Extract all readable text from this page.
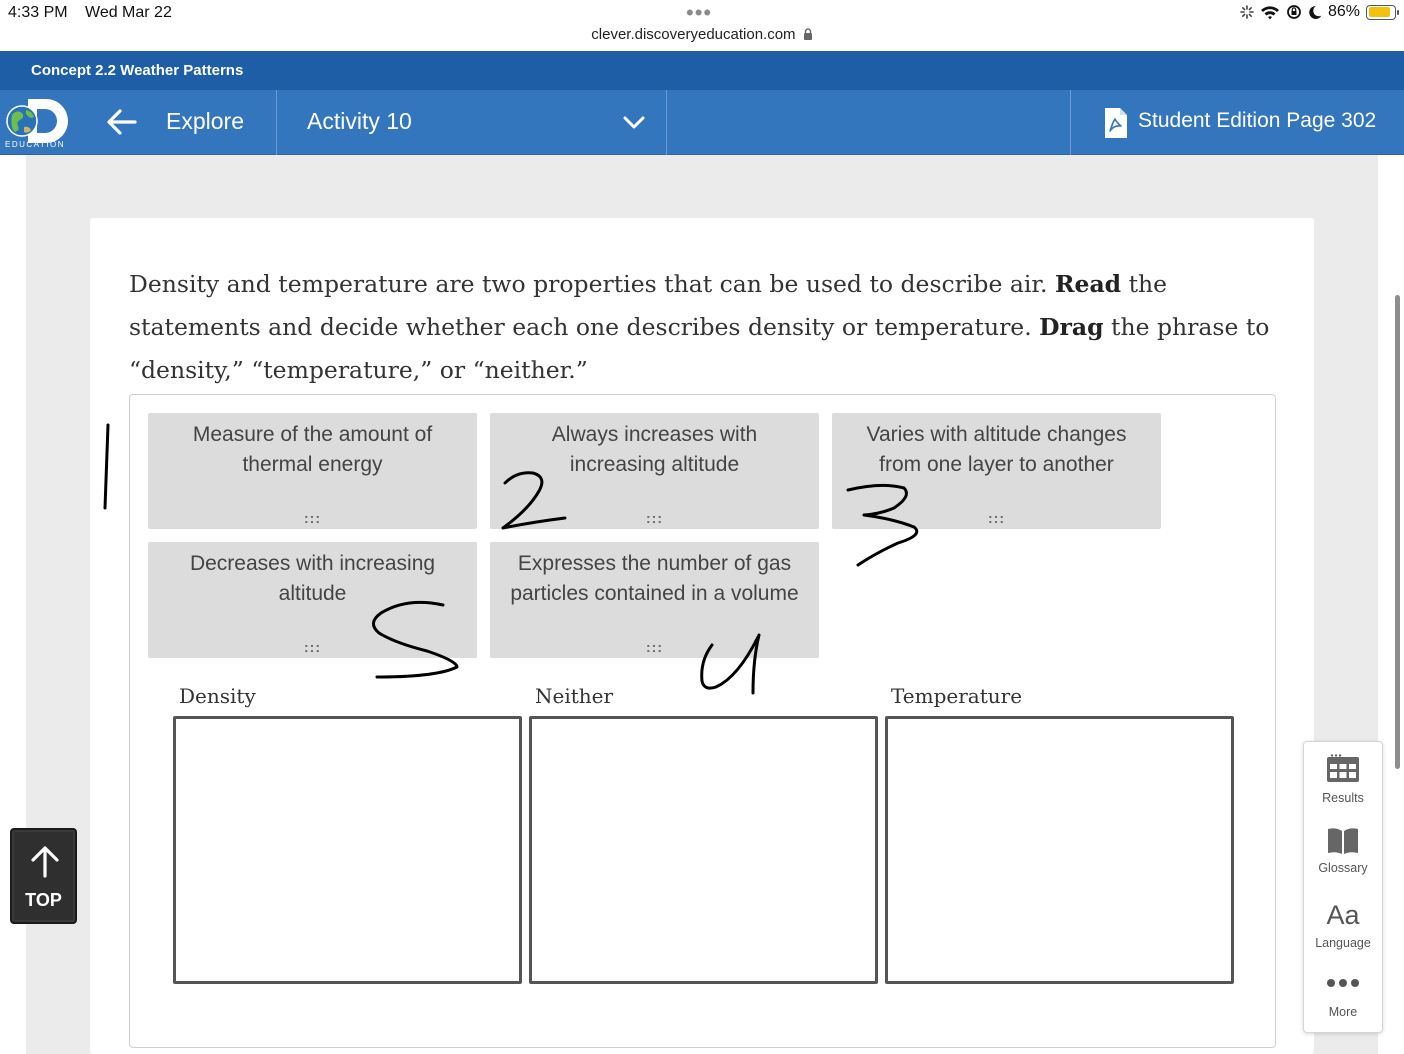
4:33 PM Wed Mar 22	•••
clever.discoveryeducation.com
86%
Concept 2.2 Weather Patterns
EDUCATION
Explore	Activity 10	Student Edition Page 302
Density and temperature are two properties that can be used to describe air. Read the statements and decide whether each one describes density or temperature. Drag the phrase to “density,” “temperature,” or “neither.”
Measure of the amount of thermal energy
:::
Always increases with increasing altitude
:::
Varies with altitude changes from one layer to another
:::
Decreases with increasing altitude
:::
Expresses the number of gas particles contained in a volume
:::
Density	Neither	Temperature
TOP
Results
Glossary
Aa
Language
More
